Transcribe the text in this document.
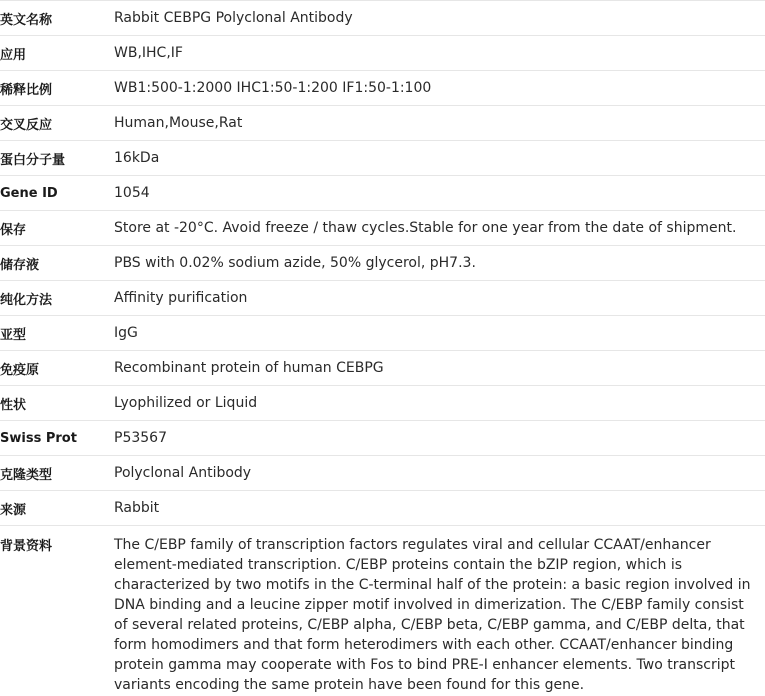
英文名称	Rabbit CEBPG Polyclonal Antibody
应用	WB,IHC,IF
稀释比例	WB1:500-1:2000 IHC1:50-1:200 IF1:50-1:100
交叉反应	Human,Mouse,Rat
蛋白分子量	16kDa
Gene ID	1054
保存	Store at -20°C. Avoid freeze / thaw cycles.Stable for one year from the date of shipment.
储存液	PBS with 0.02% sodium azide, 50% glycerol, pH7.3.
纯化方法	Affinity purification
亚型	IgG
免疫原	Recombinant protein of human CEBPG
性状	Lyophilized or Liquid
Swiss Prot	P53567
克隆类型	Polyclonal Antibody
来源	Rabbit
背景资料	The C/EBP family of transcription factors regulates viral and cellular CCAAT/enhancer element-mediated transcription. C/EBP proteins contain the bZIP region, which is characterized by two motifs in the C-terminal half of the protein: a basic region involved in DNA binding and a leucine zipper motif involved in dimerization. The C/EBP family consist of several related proteins, C/EBP alpha, C/EBP beta, C/EBP gamma, and C/EBP delta, that form homodimers and that form heterodimers with each other. CCAAT/enhancer binding protein gamma may cooperate with Fos to bind PRE-I enhancer elements. Two transcript variants encoding the same protein have been found for this gene.
